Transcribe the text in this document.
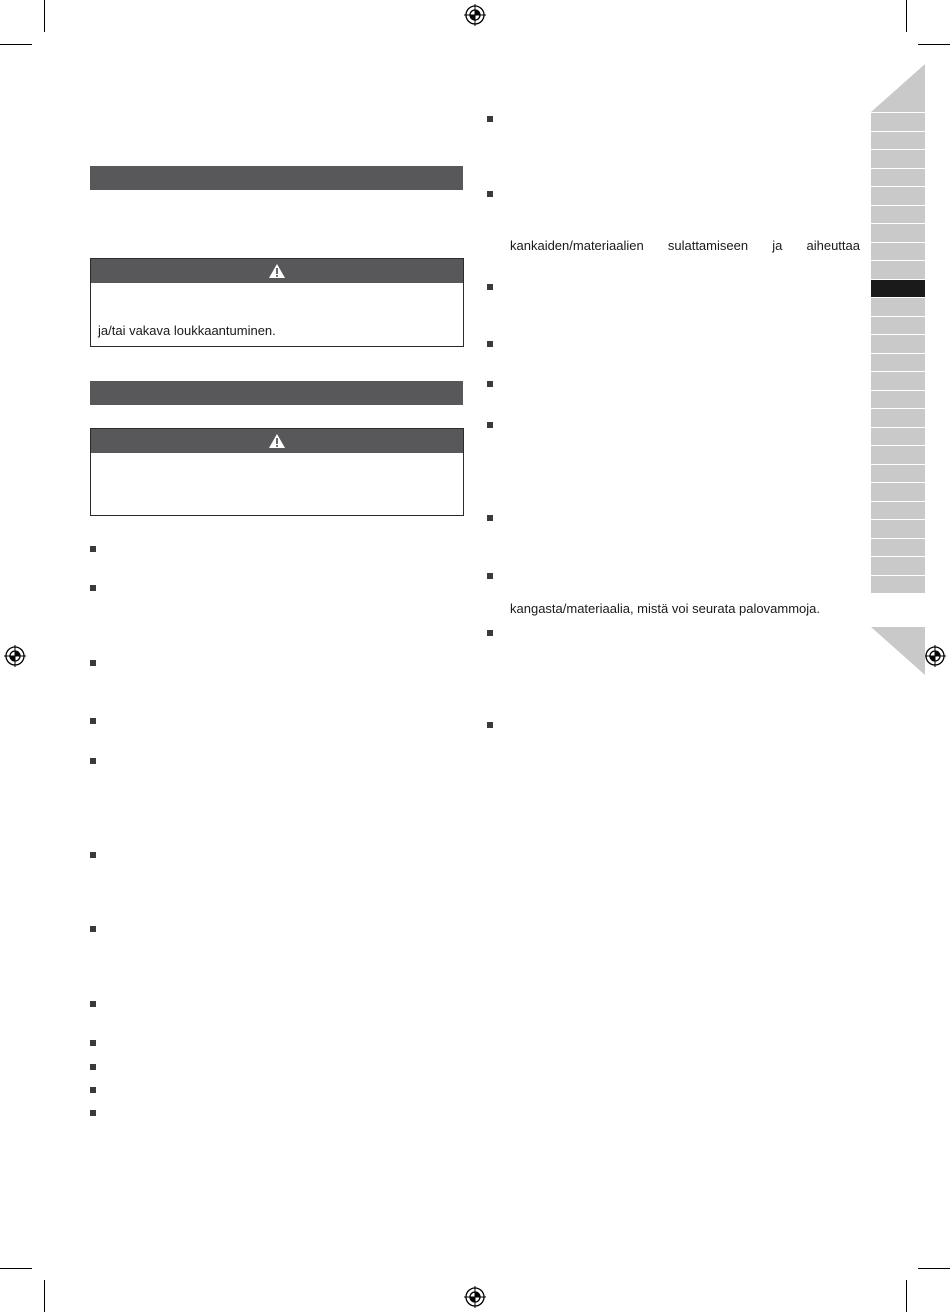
ja/tai vakava loukkaantuminen.
kankaiden/materiaalien sulattamiseen ja aiheuttaa
kangasta/materiaalia, mistä voi seurata palovammoja.
